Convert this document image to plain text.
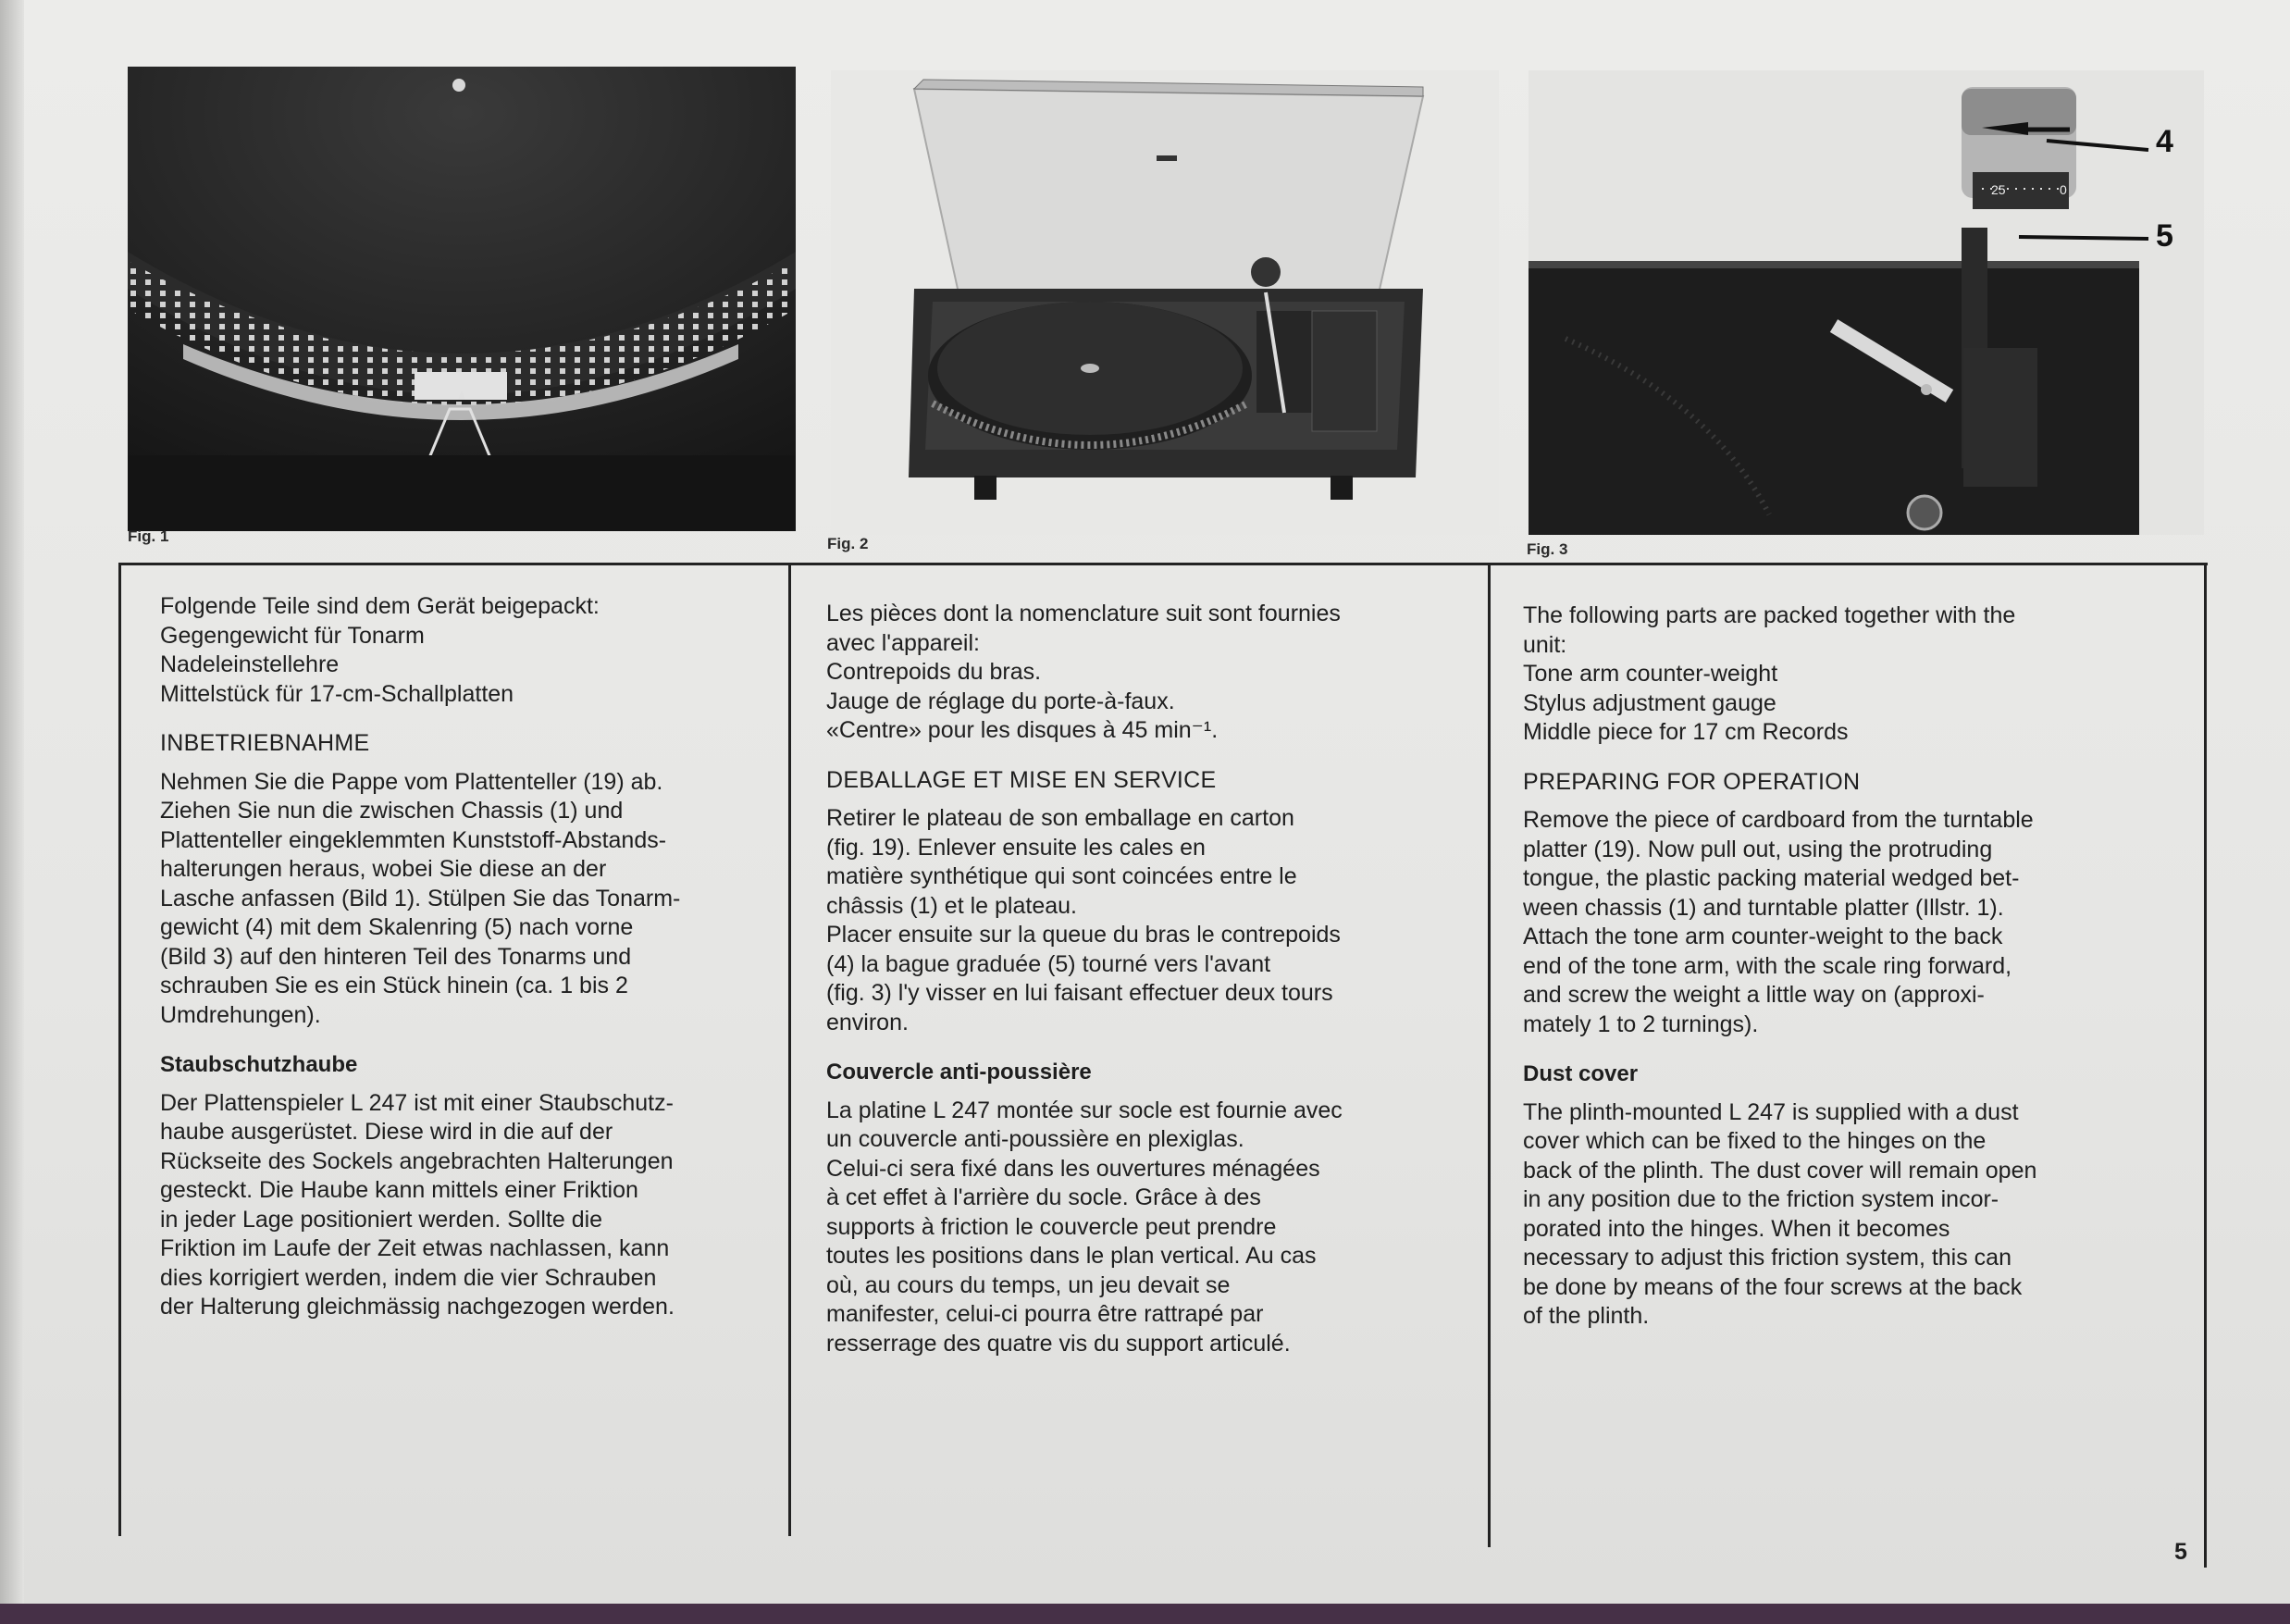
Fig. 1	Fig. 2
25	0
4
5
Fig. 3

Folgende Teile sind dem Gerät beigepackt:
Gegengewicht für Tonarm
Nadeleinstellehre
Mittelstück für 17-cm-Schallplatten

INBETRIEBNAHME

Nehmen Sie die Pappe vom Plattenteller (19) ab.
Ziehen Sie nun die zwischen Chassis (1) und
Plattenteller eingeklemmten Kunststoff-Abstands-
halterungen heraus, wobei Sie diese an der
Lasche anfassen (Bild 1). Stülpen Sie das Tonarm-
gewicht (4) mit dem Skalenring (5) nach vorne
(Bild 3) auf den hinteren Teil des Tonarms und
schrauben Sie es ein Stück hinein (ca. 1 bis 2
Umdrehungen).

Staubschutzhaube

Der Plattenspieler L 247 ist mit einer Staubschutz-
haube ausgerüstet. Diese wird in die auf der
Rückseite des Sockels angebrachten Halterungen
gesteckt. Die Haube kann mittels einer Friktion
in jeder Lage positioniert werden. Sollte die
Friktion im Laufe der Zeit etwas nachlassen, kann
dies korrigiert werden, indem die vier Schrauben
der Halterung gleichmässig nachgezogen werden.

Les pièces dont la nomenclature suit sont fournies
avec l'appareil:
Contrepoids du bras.
Jauge de réglage du porte-à-faux.
«Centre» pour les disques à 45 min⁻¹.

DEBALLAGE ET MISE EN SERVICE

Retirer le plateau de son emballage en carton
(fig. 19). Enlever ensuite les cales en
matière synthétique qui sont coincées entre le
châssis (1) et le plateau.
Placer ensuite sur la queue du bras le contrepoids
(4) la bague graduée (5) tourné vers l'avant
(fig. 3) l'y visser en lui faisant effectuer deux tours
environ.

Couvercle anti-poussière

La platine L 247 montée sur socle est fournie avec
un couvercle anti-poussière en plexiglas.
Celui-ci sera fixé dans les ouvertures ménagées
à cet effet à l'arrière du socle. Grâce à des
supports à friction le couvercle peut prendre
toutes les positions dans le plan vertical. Au cas
où, au cours du temps, un jeu devait se
manifester, celui-ci pourra être rattrapé par
resserrage des quatre vis du support articulé.

The following parts are packed together with the
unit:
Tone arm counter-weight
Stylus adjustment gauge
Middle piece for 17 cm Records

PREPARING FOR OPERATION

Remove the piece of cardboard from the turntable
platter (19). Now pull out, using the protruding
tongue, the plastic packing material wedged bet-
ween chassis (1) and turntable platter (Illstr. 1).
Attach the tone arm counter-weight to the back
end of the tone arm, with the scale ring forward,
and screw the weight a little way on (approxi-
mately 1 to 2 turnings).

Dust cover

The plinth-mounted L 247 is supplied with a dust
cover which can be fixed to the hinges on the
back of the plinth. The dust cover will remain open
in any position due to the friction system incor-
porated into the hinges. When it becomes
necessary to adjust this friction system, this can
be done by means of the four screws at the back
of the plinth.

5
